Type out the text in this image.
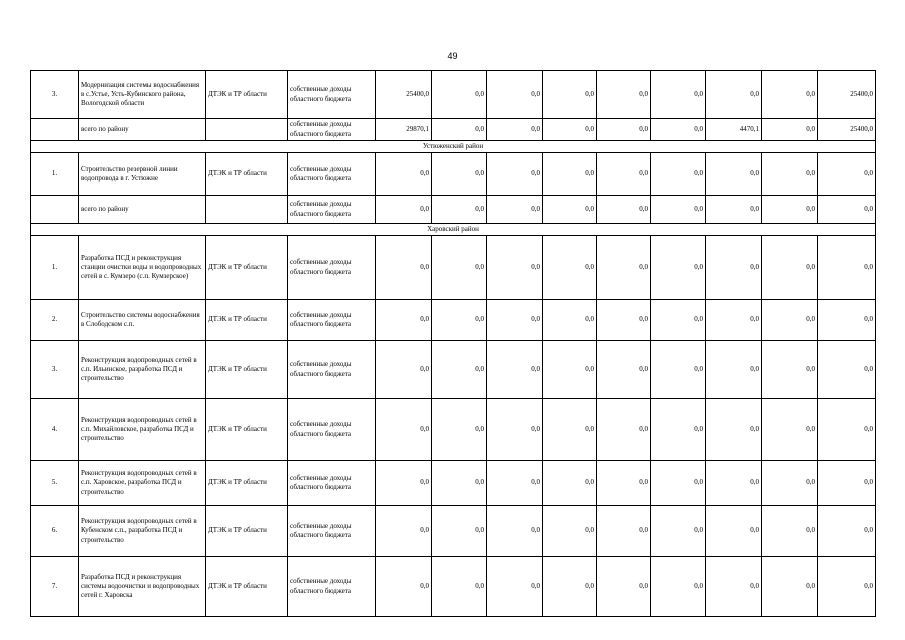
49
3.	Модернизация системы водоснабжения в с.Устье, Усть-Кубинского района, Вологодской области	ДТЭК и ТР области	собственные доходы областного бюджета	25400,0	0,0	0,0	0,0	0,0	0,0	0,0	0,0	25400,0
	всего по району		собственные доходы областного бюджета	29870,1	0,0	0,0	0,0	0,0	0,0	4470,1	0,0	25400,0
Устюженский район												
1.	Строительство резервной линии водопровода в г. Устюжне	ДТЭК и ТР области	собственные доходы областного бюджета	0,0	0,0	0,0	0,0	0,0	0,0	0,0	0,0	0,0
	всего по району		собственные доходы областного бюджета	0,0	0,0	0,0	0,0	0,0	0,0	0,0	0,0	0,0
Харовский район												
1.	Разработка ПСД и реконструкция станции очистки воды и водопроводных сетей в с. Кумзеро (с.п. Кумзерское)	ДТЭК и ТР области	собственные доходы областного бюджета	0,0	0,0	0,0	0,0	0,0	0,0	0,0	0,0	0,0
2.	Строительство системы водоснабжения в Слободском с.п.	ДТЭК и ТР области	собственные доходы областного бюджета	0,0	0,0	0,0	0,0	0,0	0,0	0,0	0,0	0,0
3.	Реконструкция водопроводных сетей в с.п. Ильинское, разработка ПСД и строительство	ДТЭК и ТР области	собственные доходы областного бюджета	0,0	0,0	0,0	0,0	0,0	0,0	0,0	0,0	0,0
4.	Реконструкция водопроводных сетей в с.п. Михайловское, разработка ПСД и строительство	ДТЭК и ТР области	собственные доходы областного бюджета	0,0	0,0	0,0	0,0	0,0	0,0	0,0	0,0	0,0
5.	Реконструкция водопроводных сетей в с.п. Харовское, разработка ПСД и строительство	ДТЭК и ТР области	собственные доходы областного бюджета	0,0	0,0	0,0	0,0	0,0	0,0	0,0	0,0	0,0
6.	Реконструкция водопроводных сетей в Кубенском с.п., разработка ПСД и строительство	ДТЭК и ТР области	собственные доходы областного бюджета	0,0	0,0	0,0	0,0	0,0	0,0	0,0	0,0	0,0
7.	Разработка ПСД и реконструкция системы водоочистки и водопроводных сетей г. Харовска	ДТЭК и ТР области	собственные доходы областного бюджета	0,0	0,0	0,0	0,0	0,0	0,0	0,0	0,0	0,0
